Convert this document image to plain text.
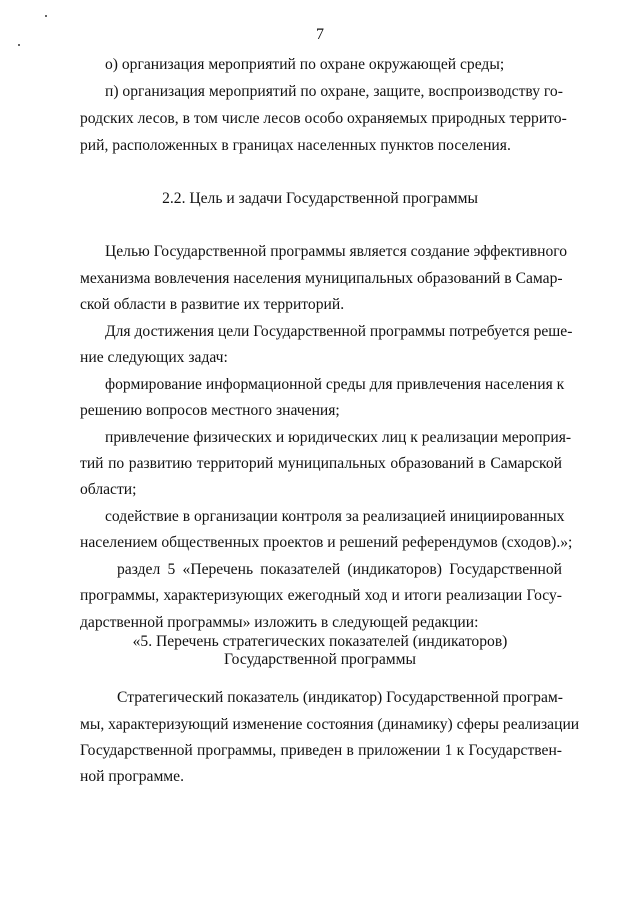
7
о) организация мероприятий по охране окружающей среды;
п) организация мероприятий по охране, защите, воспроизводству го-
родских лесов, в том числе лесов особо охраняемых природных террито-
рий, расположенных в границах населенных пунктов поселения.
2.2. Цель и задачи Государственной программы
Целью Государственной программы является создание эффективного
механизма вовлечения населения муниципальных образований в Самар-
ской области в развитие их территорий.
Для достижения цели Государственной программы потребуется реше-
ние следующих задач:
формирование информационной среды для привлечения населения к
решению вопросов местного значения;
привлечение физических и юридических лиц к реализации мероприя-
тий по развитию территорий муниципальных образований в Самарской
области;
содействие в организации контроля за реализацией инициированных
населением общественных проектов и решений референдумов (сходов).»;
раздел 5 «Перечень показателей (индикаторов) Государственной
программы, характеризующих ежегодный ход и итоги реализации Госу-
дарственной программы» изложить в следующей редакции:
«5. Перечень стратегических показателей (индикаторов)
Государственной программы
Стратегический показатель (индикатор) Государственной програм-
мы, характеризующий изменение состояния (динамику) сферы реализации
Государственной программы, приведен в приложении 1 к Государствен-
ной программе.
